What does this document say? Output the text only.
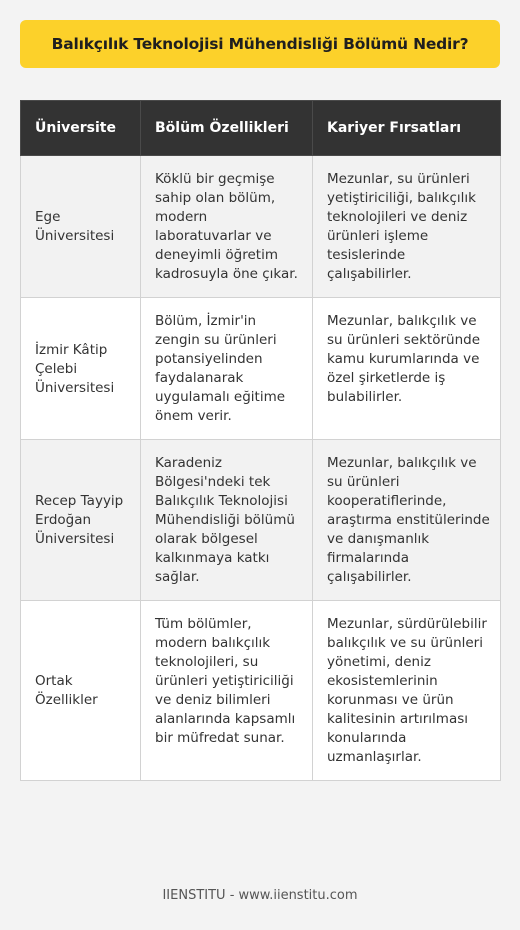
Balıkçılık Teknolojisi Mühendisliği Bölümü Nedir?
Üniversite	Bölüm Özellikleri	Kariyer Fırsatları
Ege Üniversitesi	Köklü bir geçmişe sahip olan bölüm, modern laboratuvarlar ve deneyimli öğretim kadrosuyla öne çıkar.	Mezunlar, su ürünleri yetiştiriciliği, balıkçılık teknolojileri ve deniz ürünleri işleme tesislerinde çalışabilirler.
İzmir Kâtip Çelebi Üniversitesi	Bölüm, İzmir'in zengin su ürünleri potansiyelinden faydalanarak uygulamalı eğitime önem verir.	Mezunlar, balıkçılık ve su ürünleri sektöründe kamu kurumlarında ve özel şirketlerde iş bulabilirler.
Recep Tayyip Erdoğan Üniversitesi	Karadeniz Bölgesi'ndeki tek Balıkçılık Teknolojisi Mühendisliği bölümü olarak bölgesel kalkınmaya katkı sağlar.	Mezunlar, balıkçılık ve su ürünleri kooperatiflerinde, araştırma enstitülerinde ve danışmanlık firmalarında çalışabilirler.
Ortak Özellikler	Tüm bölümler, modern balıkçılık teknolojileri, su ürünleri yetiştiriciliği ve deniz bilimleri alanlarında kapsamlı bir müfredat sunar.	Mezunlar, sürdürülebilir balıkçılık ve su ürünleri yönetimi, deniz ekosistemlerinin korunması ve ürün kalitesinin artırılması konularında uzmanlaşırlar.
IIENSTITU - www.iienstitu.com
